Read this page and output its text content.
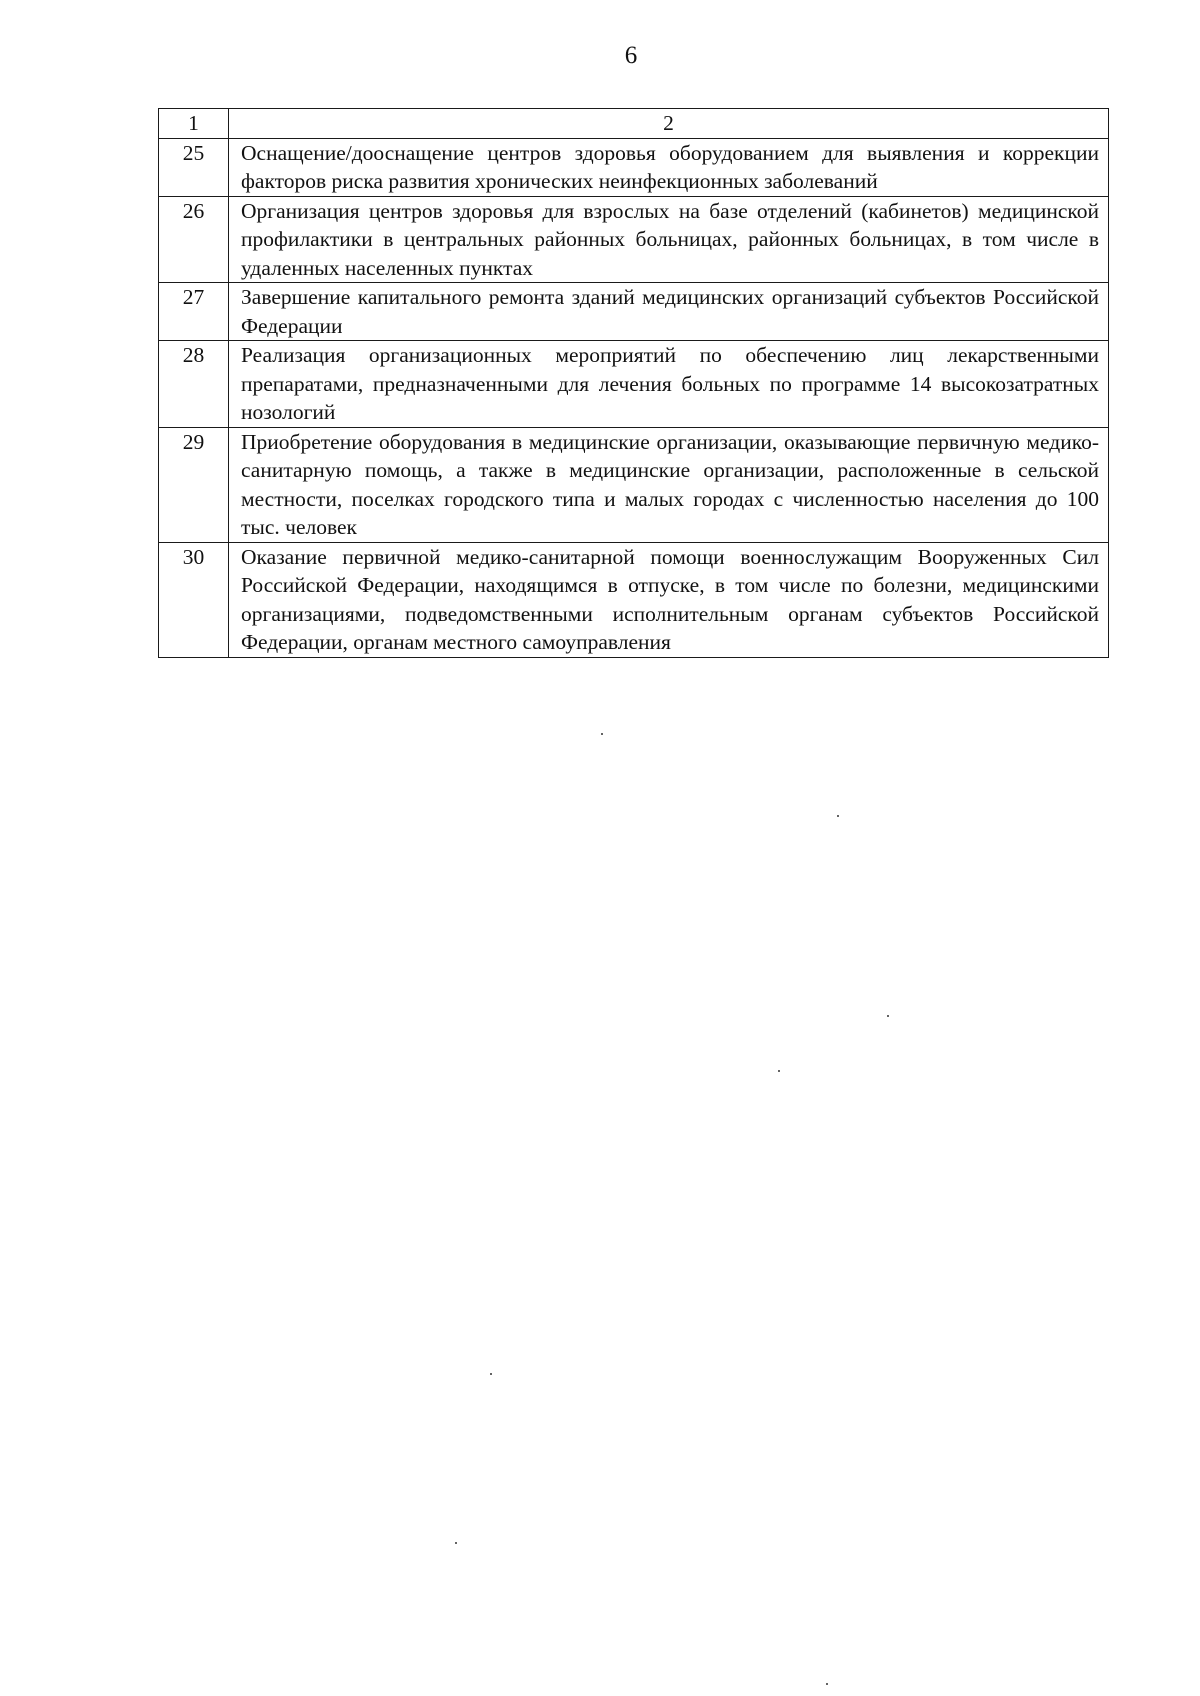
6
1	2
25	Оснащение/дооснащение центров здоровья оборудованием для выявления и коррекции факторов риска развития хронических неинфекционных заболеваний
26	Организация центров здоровья для взрослых на базе отделений (кабинетов) медицинской профилактики в центральных районных больницах, районных больницах, в том числе в удаленных населенных пунктах
27	Завершение капитального ремонта зданий медицинских организаций субъектов Российской Федерации
28	Реализация организационных мероприятий по обеспечению лиц лекарственными препаратами, предназначенными для лечения больных по программе 14 высокозатратных нозологий
29	Приобретение оборудования в медицинские организации, оказывающие первичную медико-санитарную помощь, а также в медицинские организации, расположенные в сельской местности, поселках городского типа и малых городах с численностью населения до 100 тыс. человек
30	Оказание первичной медико-санитарной помощи военнослужащим Вооруженных Сил Российской Федерации, находящимся в отпуске, в том числе по болезни, медицинскими организациями, подведомственными исполнительным органам субъектов Российской Федерации, органам местного самоуправления
